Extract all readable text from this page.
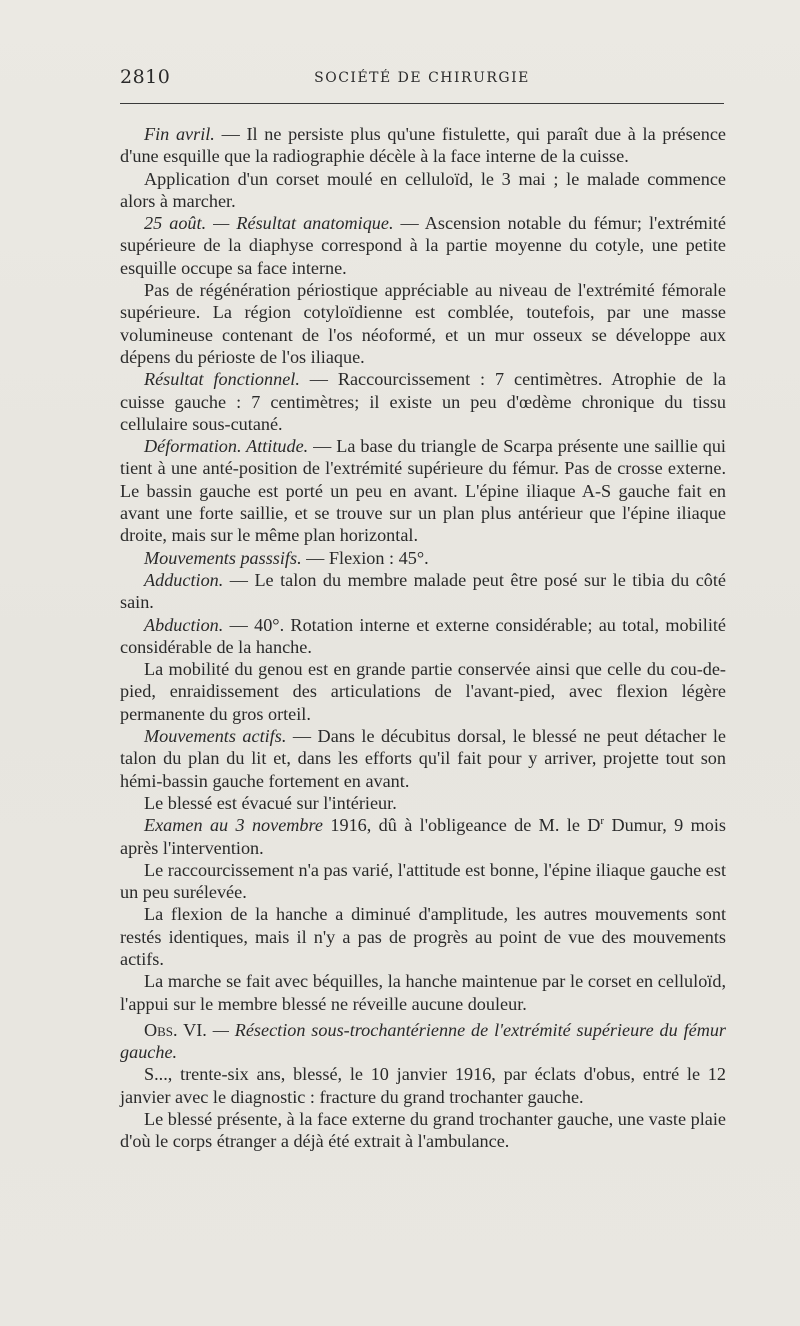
2810	SOCIÉTÉ DE CHIRURGIE

Fin avril. — Il ne persiste plus qu'une fistulette, qui paraît due à la présence d'une esquille que la radiographie décèle à la face interne de la cuisse.

Application d'un corset moulé en celluloïd, le 3 mai ; le malade commence alors à marcher.

25 août. — Résultat anatomique. — Ascension notable du fémur; l'extrémité supérieure de la diaphyse correspond à la partie moyenne du cotyle, une petite esquille occupe sa face interne.

Pas de régénération périostique appréciable au niveau de l'extrémité fémorale supérieure. La région cotyloïdienne est comblée, toutefois, par une masse volumineuse contenant de l'os néoformé, et un mur osseux se développe aux dépens du périoste de l'os iliaque.

Résultat fonctionnel. — Raccourcissement : 7 centimètres. Atrophie de la cuisse gauche : 7 centimètres; il existe un peu d'œdème chronique du tissu cellulaire sous-cutané.

Déformation. Attitude. — La base du triangle de Scarpa présente une saillie qui tient à une anté-position de l'extrémité supérieure du fémur. Pas de crosse externe. Le bassin gauche est porté un peu en avant. L'épine iliaque A-S gauche fait en avant une forte saillie, et se trouve sur un plan plus antérieur que l'épine iliaque droite, mais sur le même plan horizontal.

Mouvements passsifs. — Flexion : 45°.

Adduction. — Le talon du membre malade peut être posé sur le tibia du côté sain.

Abduction. — 40°. Rotation interne et externe considérable; au total, mobilité considérable de la hanche.

La mobilité du genou est en grande partie conservée ainsi que celle du cou-de-pied, enraidissement des articulations de l'avant-pied, avec flexion légère permanente du gros orteil.

Mouvements actifs. — Dans le décubitus dorsal, le blessé ne peut détacher le talon du plan du lit et, dans les efforts qu'il fait pour y arriver, projette tout son hémi-bassin gauche fortement en avant.

Le blessé est évacué sur l'intérieur.

Examen au 3 novembre 1916, dû à l'obligeance de M. le $D^r$ Dumur, 9 mois après l'intervention.

Le raccourcissement n'a pas varié, l'attitude est bonne, l'épine iliaque gauche est un peu surélevée.

La flexion de la hanche a diminué d'amplitude, les autres mouvements sont restés identiques, mais il n'y a pas de progrès au point de vue des mouvements actifs.

La marche se fait avec béquilles, la hanche maintenue par le corset en celluloïd, l'appui sur le membre blessé ne réveille aucune douleur.

Obs. VI. — Résection sous-trochantérienne de l'extrémité supérieure du fémur gauche.

S..., trente-six ans, blessé, le 10 janvier 1916, par éclats d'obus, entré le 12 janvier avec le diagnostic : fracture du grand trochanter gauche.

Le blessé présente, à la face externe du grand trochanter gauche, une vaste plaie d'où le corps étranger a déjà été extrait à l'ambulance.
